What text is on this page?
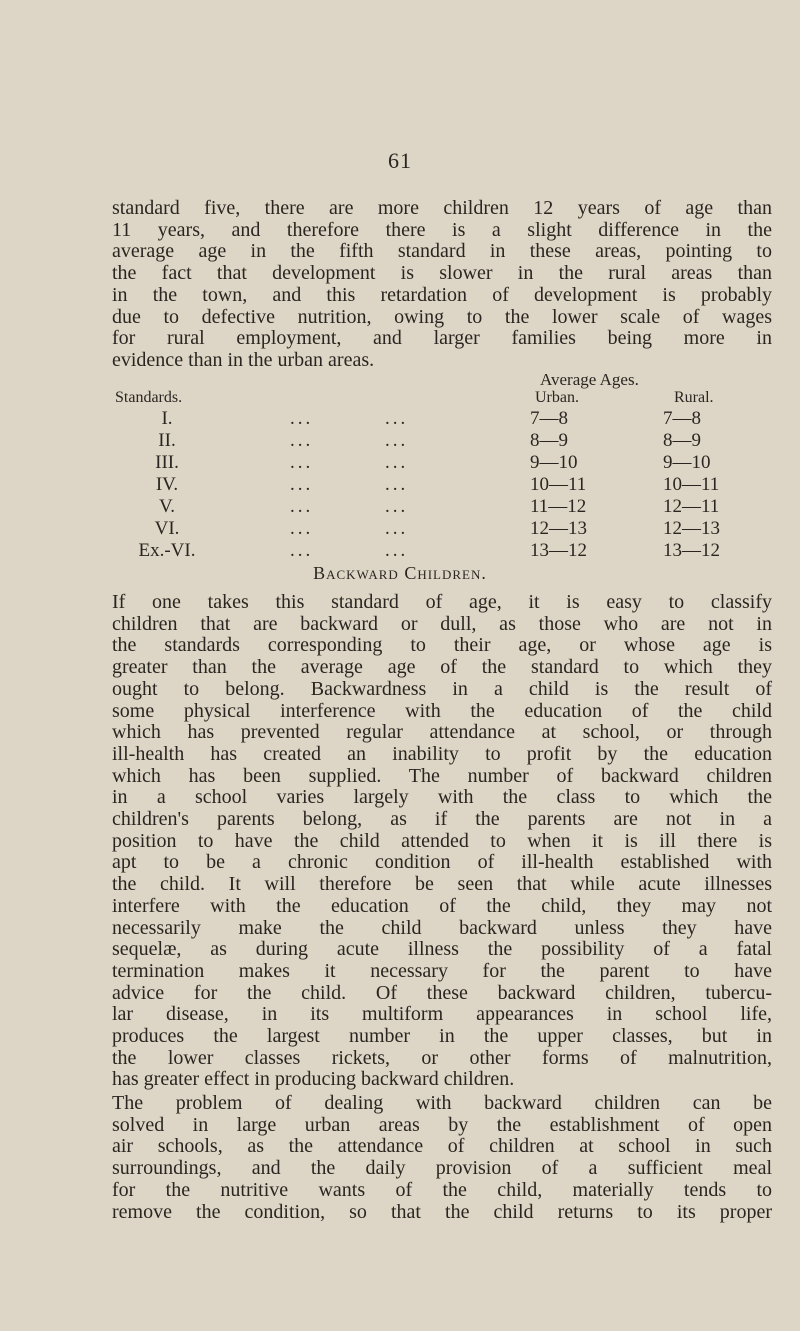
61

standard five, there are more children 12 years of age than
11 years, and therefore there is a slight difference in the
average age in the fifth standard in these areas, pointing to
the fact that development is slower in the rural areas than
in the town, and this retardation of development is probably
due to defective nutrition, owing to the lower scale of wages
for rural employment, and larger families being more in
evidence than in the urban areas.

Average Ages.
Standards.	Urban.	Rural.
I.	...	...	7—8	7—8
II.	...	...	8—9	8—9
III.	...	...	9—10	9—10
IV.	...	...	10—11	10—11
V.	...	...	11—12	12—11
VI.	...	...	12—13	12—13
Ex.-VI.	...	...	13—12	13—12
Backward Children.

If one takes this standard of age, it is easy to classify
children that are backward or dull, as those who are not in
the standards corresponding to their age, or whose age is
greater than the average age of the standard to which they
ought to belong. Backwardness in a child is the result of
some physical interference with the education of the child
which has prevented regular attendance at school, or through
ill-health has created an inability to profit by the education
which has been supplied. The number of backward children
in a school varies largely with the class to which the
children's parents belong, as if the parents are not in a
position to have the child attended to when it is ill there is
apt to be a chronic condition of ill-health established with
the child. It will therefore be seen that while acute illnesses
interfere with the education of the child, they may not
necessarily make the child backward unless they have
sequelæ, as during acute illness the possibility of a fatal
termination makes it necessary for the parent to have
advice for the child. Of these backward children, tubercu-
lar disease, in its multiform appearances in school life,
produces the largest number in the upper classes, but in
the lower classes rickets, or other forms of malnutrition,
has greater effect in producing backward children.

The problem of dealing with backward children can be
solved in large urban areas by the establishment of open
air schools, as the attendance of children at school in such
surroundings, and the daily provision of a sufficient meal
for the nutritive wants of the child, materially tends to
remove the condition, so that the child returns to its proper
